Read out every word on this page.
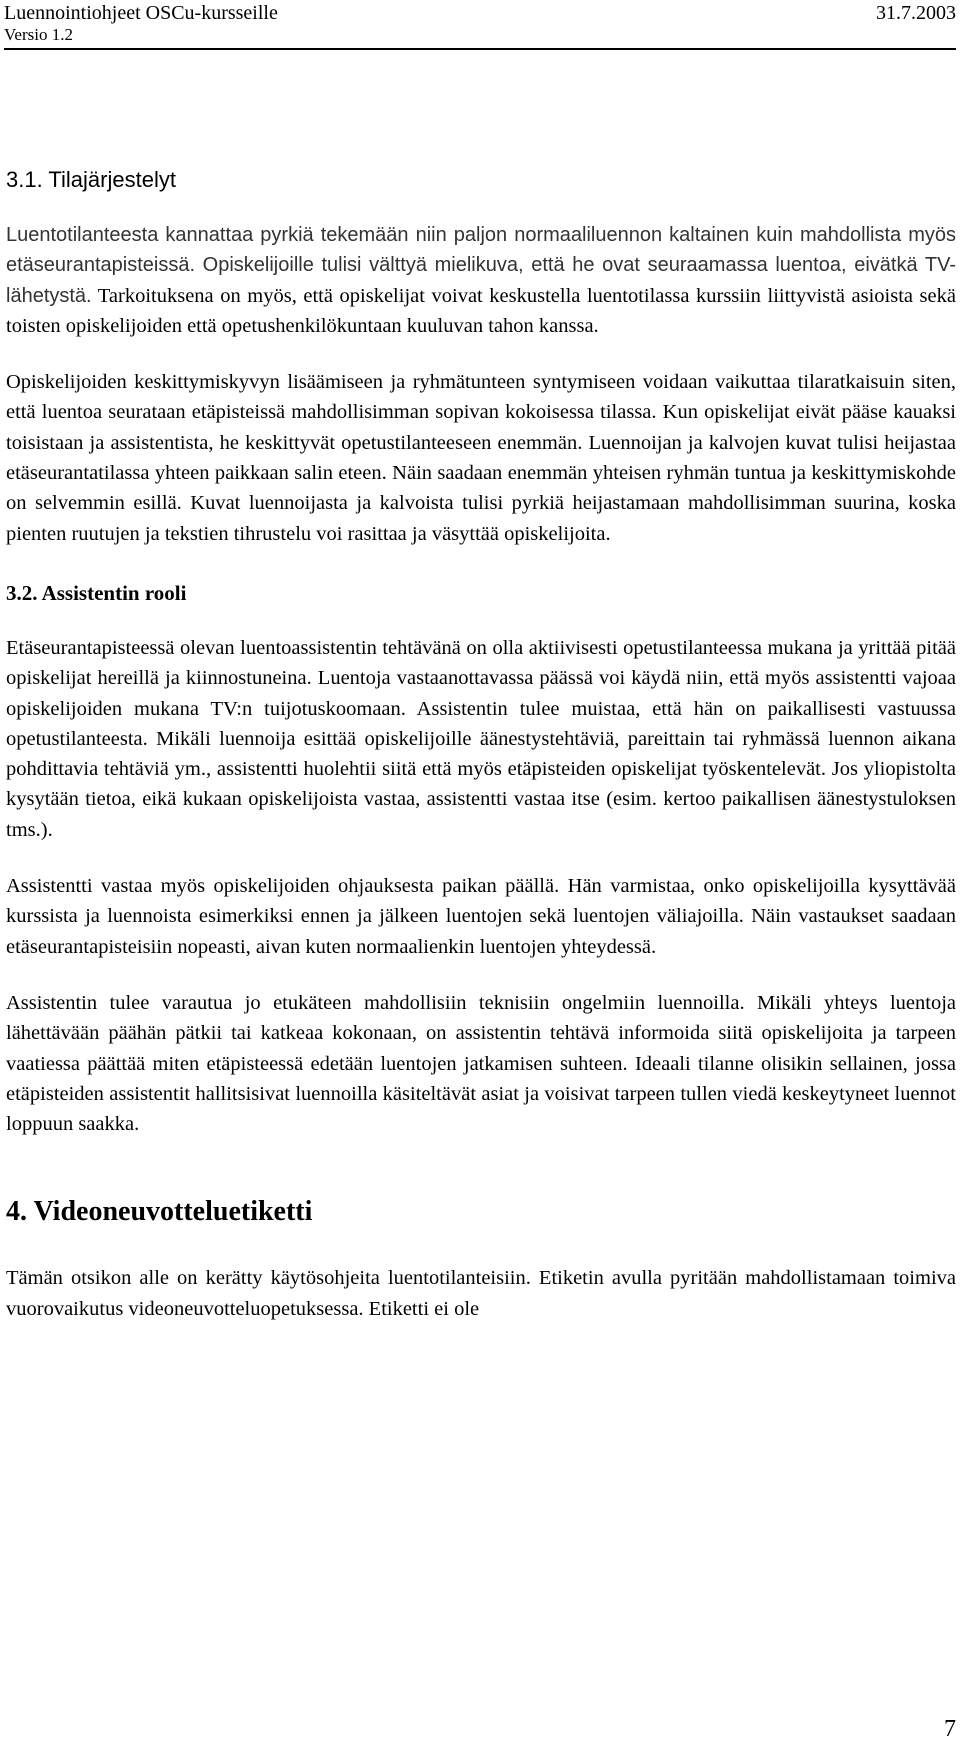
Luennointiohjeet OSCu-kursseille
Versio 1.2
31.7.2003
3.1. Tilajärjestelyt

Luentotilanteesta kannattaa pyrkiä tekemään niin paljon normaaliluennon kaltainen kuin mahdollista myös etäseurantapisteissä. Opiskelijoille tulisi välttyä mielikuva, että he ovat seuraamassa luentoa, eivätkä TV-lähetystä. Tarkoituksena on myös, että opiskelijat voivat keskustella luentotilassa kurssiin liittyvistä asioista sekä toisten opiskelijoiden että opetushenkilökuntaan kuuluvan tahon kanssa.

Opiskelijoiden keskittymiskyvyn lisäämiseen ja ryhmätunteen syntymiseen voidaan vaikuttaa tilaratkaisuin siten, että luentoa seurataan etäpisteissä mahdollisimman sopivan kokoisessa tilassa. Kun opiskelijat eivät pääse kauaksi toisistaan ja assistentista, he keskittyvät opetustilanteeseen enemmän. Luennoijan ja kalvojen kuvat tulisi heijastaa etäseurantatilassa yhteen paikkaan salin eteen. Näin saadaan enemmän yhteisen ryhmän tuntua ja keskittymiskohde on selvemmin esillä. Kuvat luennoijasta ja kalvoista tulisi pyrkiä heijastamaan mahdollisimman suurina, koska pienten ruutujen ja tekstien tihrustelu voi rasittaa ja väsyttää opiskelijoita.

3.2. Assistentin rooli

Etäseurantapisteessä olevan luentoassistentin tehtävänä on olla aktiivisesti opetustilanteessa mukana ja yrittää pitää opiskelijat hereillä ja kiinnostuneina. Luentoja vastaanottavassa päässä voi käydä niin, että myös assistentti vajoaa opiskelijoiden mukana TV:n tuijotuskoomaan. Assistentin tulee muistaa, että hän on paikallisesti vastuussa opetustilanteesta. Mikäli luennoija esittää opiskelijoille äänestystehtäviä, pareittain tai ryhmässä luennon aikana pohdittavia tehtäviä ym., assistentti huolehtii siitä että myös etäpisteiden opiskelijat työskentelevät. Jos yliopistolta kysytään tietoa, eikä kukaan opiskelijoista vastaa, assistentti vastaa itse (esim. kertoo paikallisen äänestystuloksen tms.).

Assistentti vastaa myös opiskelijoiden ohjauksesta paikan päällä. Hän varmistaa, onko opiskelijoilla kysyttävää kurssista ja luennoista esimerkiksi ennen ja jälkeen luentojen sekä luentojen väliajoilla. Näin vastaukset saadaan etäseurantapisteisiin nopeasti, aivan kuten normaalienkin luentojen yhteydessä.

Assistentin tulee varautua jo etukäteen mahdollisiin teknisiin ongelmiin luennoilla. Mikäli yhteys luentoja lähettävään päähän pätkii tai katkeaa kokonaan, on assistentin tehtävä informoida siitä opiskelijoita ja tarpeen vaatiessa päättää miten etäpisteessä edetään luentojen jatkamisen suhteen. Ideaali tilanne olisikin sellainen, jossa etäpisteiden assistentit hallitsisivat luennoilla käsiteltävät asiat ja voisivat tarpeen tullen viedä keskeytyneet luennot loppuun saakka.

4. Videoneuvotteluetiketti

Tämän otsikon alle on kerätty käytösohjeita luentotilanteisiin. Etiketin avulla pyritään mahdollistamaan toimiva vuorovaikutus videoneuvotteluopetuksessa. Etiketti ei ole

7
